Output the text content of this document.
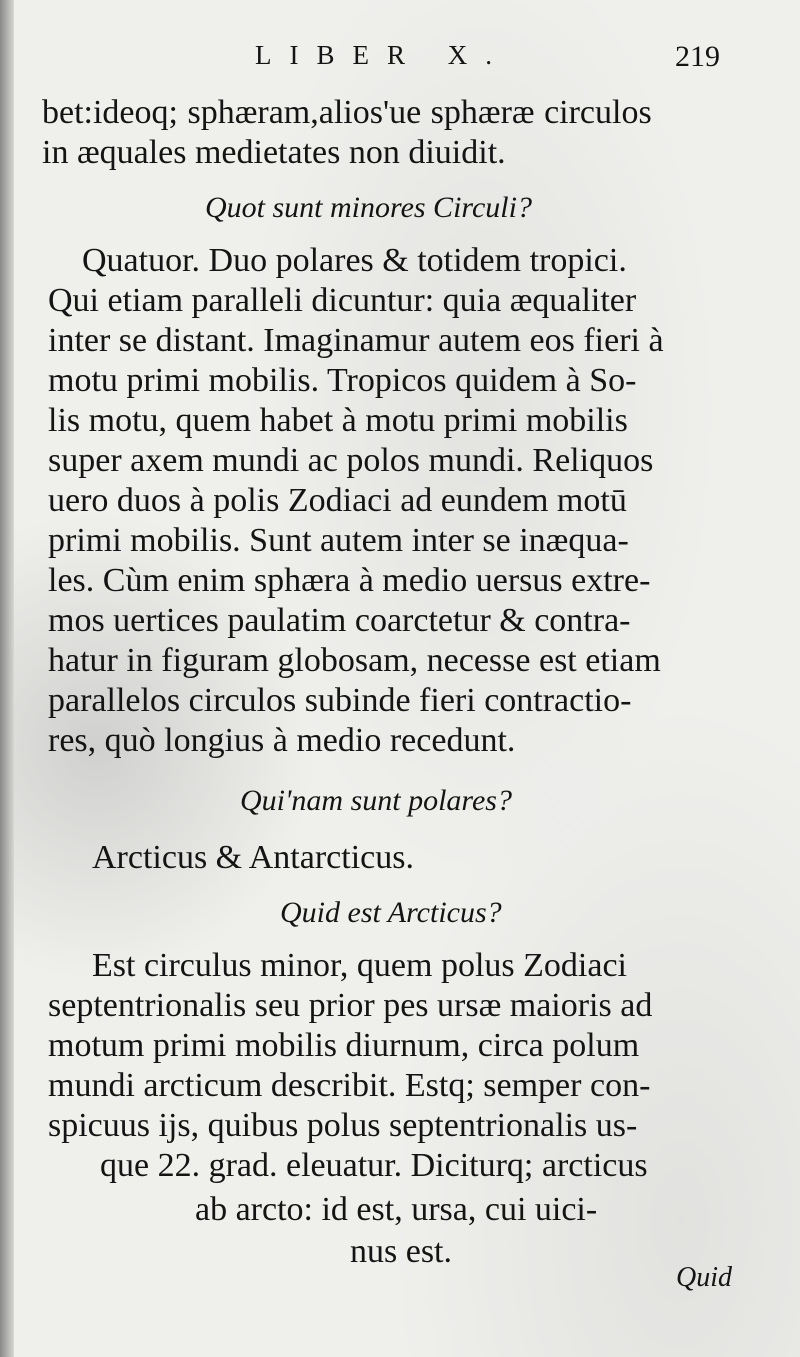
LIBER X.	219
bet:ideoq; sphæram,alios'ue sphæræ circulos
in æquales medietates non diuidit.
Quot sunt minores Circuli?
Quatuor. Duo polares & totidem tropici.
Qui etiam paralleli dicuntur: quia æqualiter
inter se distant. Imaginamur autem eos fieri à
motu primi mobilis. Tropicos quidem à So-
lis motu, quem habet à motu primi mobilis
super axem mundi ac polos mundi. Reliquos
uero duos à polis Zodiaci ad eundem motū
primi mobilis. Sunt autem inter se inæqua-
les. Cùm enim sphæra à medio uersus extre-
mos uertices paulatim coarctetur & contra-
hatur in figuram globosam, necesse est etiam
parallelos circulos subinde fieri contractio-
res, quò longius à medio recedunt.
Qui'nam sunt polares?
Arcticus & Antarcticus.
Quid est Arcticus?
Est circulus minor, quem polus Zodiaci
septentrionalis seu prior pes ursæ maioris ad
motum primi mobilis diurnum, circa polum
mundi arcticum describit. Estq; semper con-
spicuus ijs, quibus polus septentrionalis us-
que 22. grad. eleuatur. Diciturq; arcticus
ab arcto: id est, ursa, cui uici-
nus est.
Quid
